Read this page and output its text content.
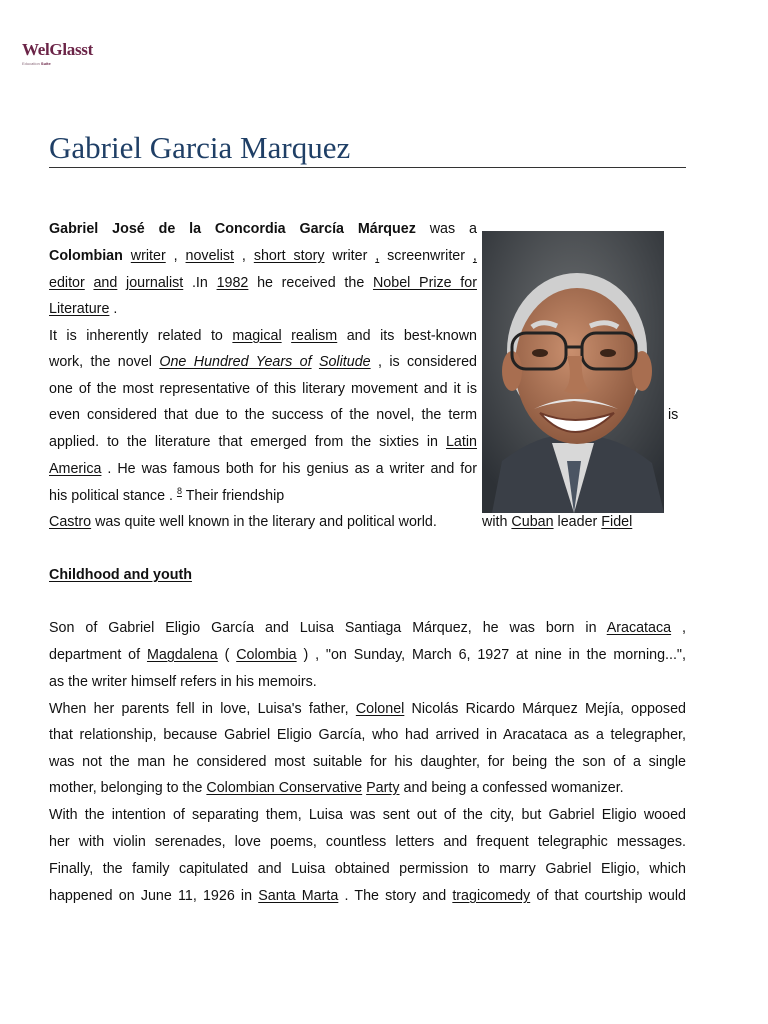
WelGlasst
Education Suite
Gabriel Garcia Marquez
Gabriel José de la Concordia García Márquez was a
Colombian writer , novelist , short story writer , screenwriter ,
editor and journalist .In 1982 he received the Nobel Prize for
Literature .
It is inherently related to magical realism and its best-known
work, the novel One Hundred Years of Solitude , is considered
one of the most representative of this literary movement and it is
even considered that due to the success of the novel, the term	is
applied. to the literature that emerged from the sixties in Latin
America . He was famous both for his genius as a writer and for
his political stance . $^8$ Their friendship
Castro was quite well known in the literary and political world.	with Cuban leader Fidel
Childhood and youth
Son of Gabriel Eligio García and Luisa Santiaga Márquez, he was born in Aracataca ,
department of Magdalena ( Colombia ) , "on Sunday, March 6, 1927 at nine in the morning...",
as the writer himself refers in his memoirs.
When her parents fell in love, Luisa's father, Colonel Nicolás Ricardo Márquez Mejía, opposed
that relationship, because Gabriel Eligio García, who had arrived in Aracataca as a telegrapher,
was not the man he considered most suitable for his daughter, for being the son of a single
mother, belonging to the Colombian Conservative Party and being a confessed womanizer.
With the intention of separating them, Luisa was sent out of the city, but Gabriel Eligio wooed
her with violin serenades, love poems, countless letters and frequent telegraphic messages.
Finally, the family capitulated and Luisa obtained permission to marry Gabriel Eligio, which
happened on June 11, 1926 in Santa Marta . The story and tragicomedy of that courtship would
